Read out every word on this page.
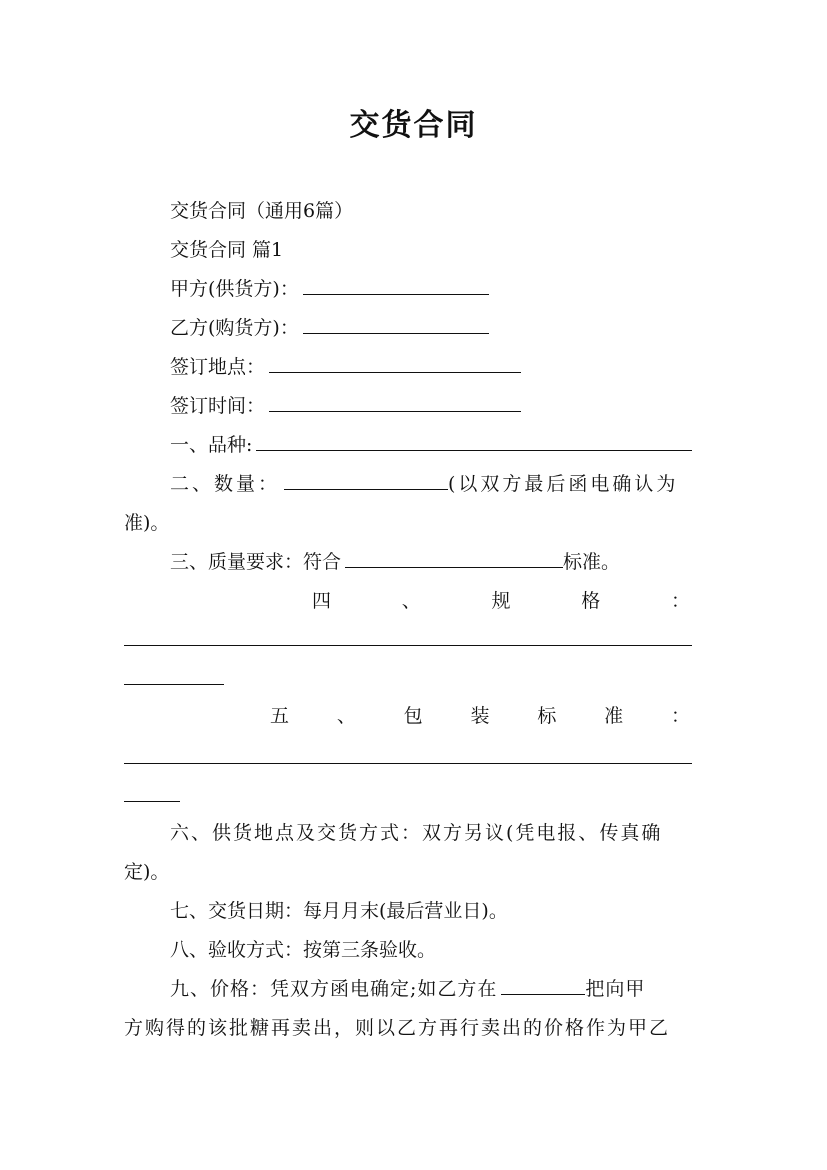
交货合同
交货合同（通用6篇）
交货合同 篇1
甲方(供货方)：
乙方(购货方)：
签订地点：
签订时间：
一、品种:
二、数量：	(以双方最后函电确认为
准)。
三、质量要求：符合	标准。
四	、	规	格	：
五	、	包	装	标	准	：
六、供货地点及交货方式：双方另议(凭电报、传真确
定)。
七、交货日期：每月月末(最后营业日)。
八、验收方式：按第三条验收。
九、价格：凭双方函电确定;如乙方在	把向甲
方购得的该批糖再卖出，则以乙方再行卖出的价格作为甲乙
